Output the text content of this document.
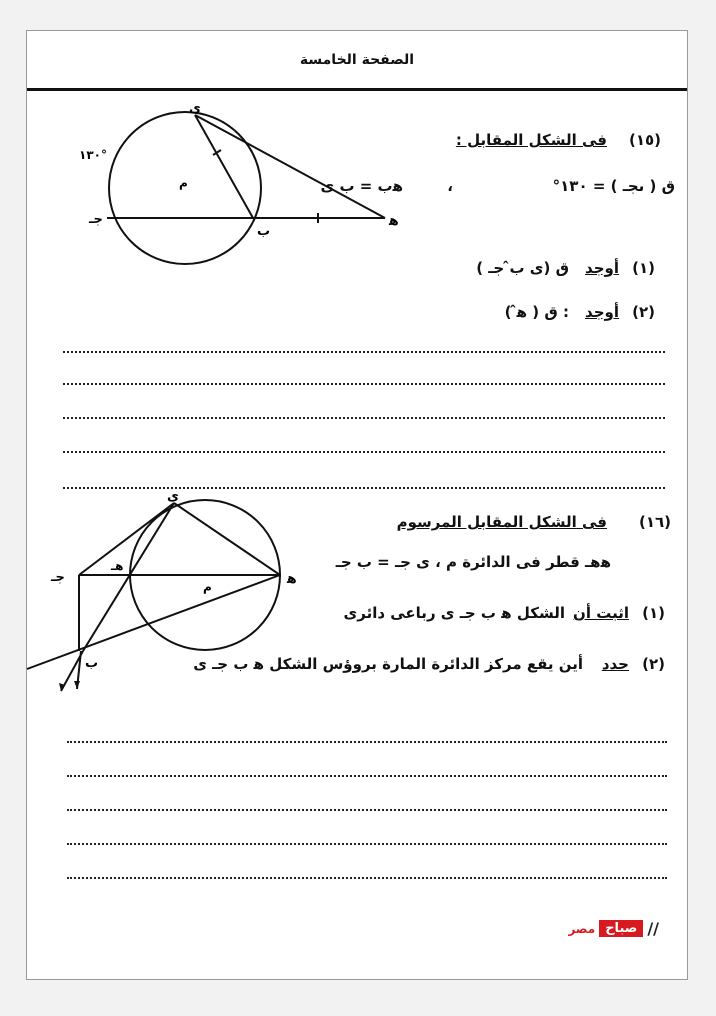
الصفحة الخامسة
(١٥)
فى الشكل المقابل :
ﻫب = ب ى	،	ق ( ىجـ ) = ١٣٠°
(١)
أوجد
ق (ى ب̂ جـ )
(٢)
أوجد
: ق ( ﻫ̂ )
١٣٠°
ى
م
جـ
ب
ﻫ
(١٦)
فى الشكل المقابل المرسوم
ﻫهـ قطر فى الدائرة م ، ى جـ = ب جـ
(١)
اثبت أن
الشكل ﻫ ب جـ ى رباعى دائرى
(٢)
حدد
أين يقع مركز الدائرة المارة بروؤس الشكل ﻫ ب جـ ى
ى
هـ
جـ
م	ﻫ
ب
//
صباح
مصر
